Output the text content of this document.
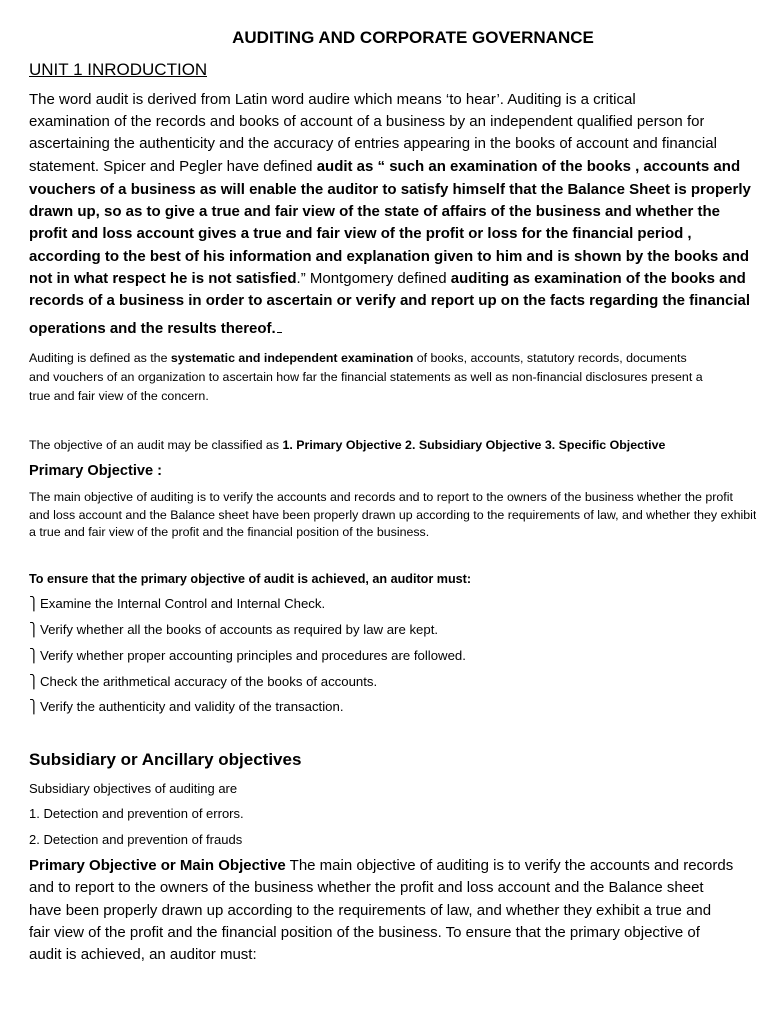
AUDITING AND CORPORATE GOVERNANCE
UNIT 1 INRODUCTION
The word audit is derived from Latin word audire which means ‘to hear’. Auditing is a critical
examination of the records and books of account of a business by an independent qualified person for
ascertaining the authenticity and the accuracy of entries appearing in the books of account and financial
statement. Spicer and Pegler have defined audit as “ such an examination of the books , accounts and
vouchers of a business as will enable the auditor to satisfy himself that the Balance Sheet is properly
drawn up, so as to give a true and fair view of the state of affairs of the business and whether the
profit and loss account gives a true and fair view of the profit or loss for the financial period ,
according to the best of his information and explanation given to him and is shown by the books and
not in what respect he is not satisfied.” Montgomery defined auditing as examination of the books and
records of a business in order to ascertain or verify and report up on the facts regarding the financial
operations and the results thereof.
Auditing is defined as the systematic and independent examination of books, accounts, statutory records, documents
and vouchers of an organization to ascertain how far the financial statements as well as non-financial disclosures present a
true and fair view of the concern.
The objective of an audit may be classified as 1. Primary Objective 2. Subsidiary Objective 3. Specific Objective
Primary Objective :
The main objective of auditing is to verify the accounts and records and to report to the owners of the business whether the profit
and loss account and the Balance sheet have been properly drawn up according to the requirements of law, and whether they exhibit
a true and fair view of the profit and the financial position of the business.
To ensure that the primary objective of audit is achieved, an auditor must:
⎫Examine the Internal Control and Internal Check.
⎫Verify whether all the books of accounts as required by law are kept.
⎫Verify whether proper accounting principles and procedures are followed.
⎫Check the arithmetical accuracy of the books of accounts.
⎫Verify the authenticity and validity of the transaction.
Subsidiary or Ancillary objectives
Subsidiary objectives of auditing are
1. Detection and prevention of errors.
2. Detection and prevention of frauds
Primary Objective or Main Objective The main objective of auditing is to verify the accounts and records
and to report to the owners of the business whether the profit and loss account and the Balance sheet
have been properly drawn up according to the requirements of law, and whether they exhibit a true and
fair view of the profit and the financial position of the business. To ensure that the primary objective of
audit is achieved, an auditor must:
